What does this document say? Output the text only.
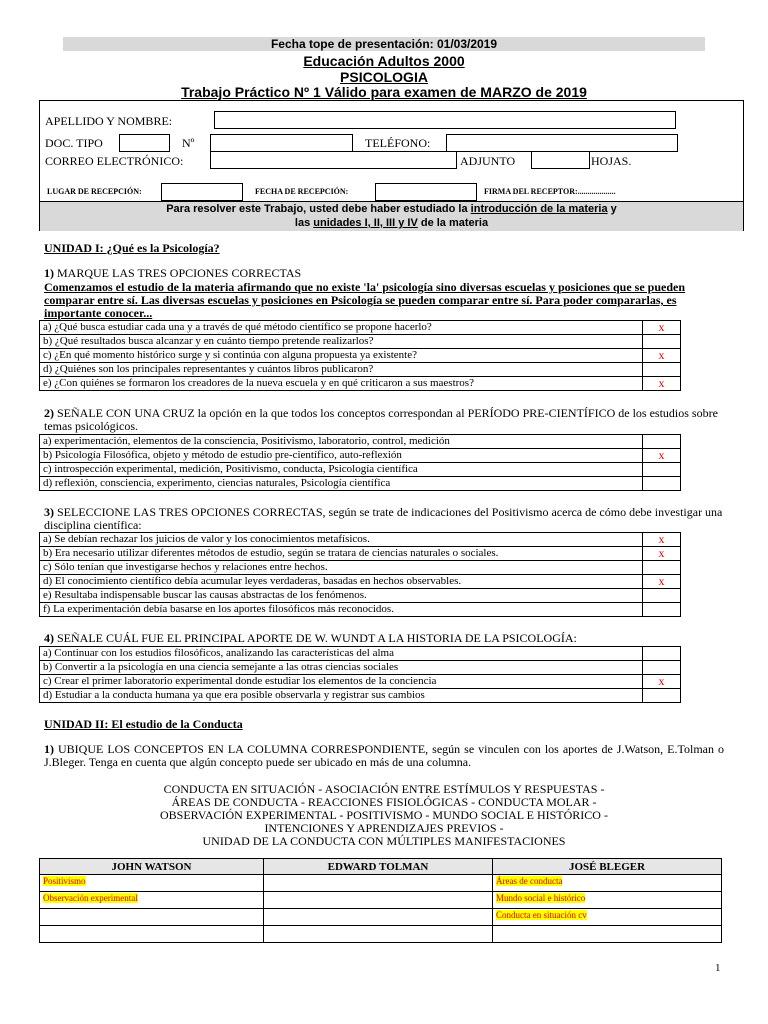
Fecha tope de presentación: 01/03/2019
Educación Adultos 2000
PSICOLOGIA
Trabajo Práctico Nº 1 Válido para examen de MARZO de 2019
APELLIDO Y NOMBRE:
DOC. TIPO	Nº	TELÉFONO:
CORREO ELECTRÓNICO:	ADJUNTO	HOJAS.
LUGAR DE RECEPCIÓN:	FECHA DE RECEPCIÓN:	FIRMA DEL RECEPTOR:...................
Para resolver este Trabajo, usted debe haber estudiado la introducción de la materia y
las unidades I, II, III y IV de la materia
UNIDAD I: ¿Qué es la Psicología?
1) MARQUE LAS TRES OPCIONES CORRECTAS
Comenzamos el estudio de la materia afirmando que no existe 'la' psicología sino diversas escuelas y posiciones que se pueden comparar entre sí. Las diversas escuelas y posiciones en Psicología se pueden comparar entre sí. Para poder compararlas, es importante conocer...
a) ¿Qué busca estudiar cada una y a través de qué método científico se propone hacerlo?	x
b) ¿Qué resultados busca alcanzar y en cuánto tiempo pretende realizarlos?	
c) ¿En qué momento histórico surge y si continúa con alguna propuesta ya existente?	x
d) ¿Quiénes son los principales representantes y cuántos libros publicaron?	
e) ¿Con quiénes se formaron los creadores de la nueva escuela y en qué criticaron a sus maestros?	x
2) SEÑALE CON UNA CRUZ la opción en la que todos los conceptos correspondan al PERÍODO PRE-CIENTÍFICO de los estudios sobre temas psicológicos.
a) experimentación, elementos de la consciencia, Positivismo, laboratorio, control, medición	
b) Psicología Filosófica, objeto y método de estudio pre-científico, auto-reflexión	x
c) introspección experimental, medición, Positivismo, conducta, Psicología científica	
d) reflexión, consciencia, experimento, ciencias naturales, Psicología científica	
3) SELECCIONE LAS TRES OPCIONES CORRECTAS, según se trate de indicaciones del Positivismo acerca de cómo debe investigar una disciplina científica:
a) Se debían rechazar los juicios de valor y los conocimientos metafísicos.	x
b) Era necesario utilizar diferentes métodos de estudio, según se tratara de ciencias naturales o sociales.	x
c) Sólo tenían que investigarse hechos y relaciones entre hechos.	
d) El conocimiento científico debía acumular leyes verdaderas, basadas en hechos observables.	x
e) Resultaba indispensable buscar las causas abstractas de los fenómenos.	
f) La experimentación debía basarse en los aportes filosóficos más reconocidos.	
4) SEÑALE CUÁL FUE EL PRINCIPAL APORTE DE W. WUNDT A LA HISTORIA DE LA PSICOLOGÍA:
a) Continuar con los estudios filosóficos, analizando las características del alma	
b) Convertir a la psicología en una ciencia semejante a las otras ciencias sociales	
c) Crear el primer laboratorio experimental donde estudiar los elementos de la conciencia	x
d) Estudiar a la conducta humana ya que era posible observarla y registrar sus cambios	
UNIDAD II: El estudio de la Conducta
1) UBIQUE LOS CONCEPTOS EN LA COLUMNA CORRESPONDIENTE, según se vinculen con los aportes de J.Watson, E.Tolman o J.Bleger. Tenga en cuenta que algún concepto puede ser ubicado en más de una columna.
CONDUCTA EN SITUACIÓN - ASOCIACIÓN ENTRE ESTÍMULOS Y RESPUESTAS -
ÁREAS DE CONDUCTA - REACCIONES FISIOLÓGICAS - CONDUCTA MOLAR -
OBSERVACIÓN EXPERIMENTAL - POSITIVISMO - MUNDO SOCIAL E HISTÓRICO -
INTENCIONES Y APRENDIZAJES PREVIOS -
UNIDAD DE LA CONDUCTA CON MÚLTIPLES MANIFESTACIONES
JOHN WATSON	EDWARD TOLMAN	JOSÉ BLEGER
Positivismo		Áreas de conducta
Observación experimental		Mundo social e histórico
		Conducta en situación cv

1
